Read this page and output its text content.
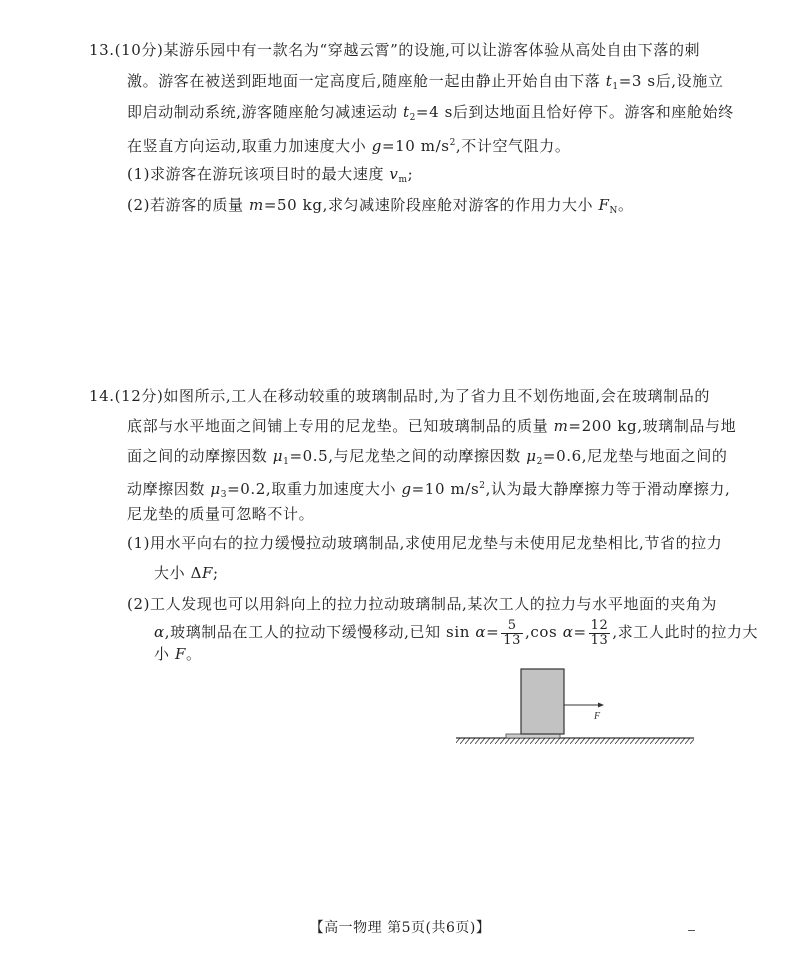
13.(10分)某游乐园中有一款名为“穿越云霄”的设施,可以让游客体验从高处自由下落的刺
激。游客在被送到距地面一定高度后,随座舱一起由静止开始自由下落 $t_1=3$ s后,设施立
即启动制动系统,游客随座舱匀减速运动 $t_2=4$ s后到达地面且恰好停下。游客和座舱始终
在竖直方向运动,取重力加速度大小 g=10 $m/s^2$,不计空气阻力。
(1)求游客在游玩该项目时的最大速度 $v_m$;
(2)若游客的质量 m=50 kg,求匀减速阶段座舱对游客的作用力大小 $F_N$。
14.(12分)如图所示,工人在移动较重的玻璃制品时,为了省力且不划伤地面,会在玻璃制品的
底部与水平地面之间铺上专用的尼龙垫。已知玻璃制品的质量 m=200 kg,玻璃制品与地
面之间的动摩擦因数 $\mu_1=0.5$,与尼龙垫之间的动摩擦因数 $\mu_2=0.6$,尼龙垫与地面之间的
动摩擦因数 $\mu_3=0.2$,取重力加速度大小 g=10 $m/s^2$,认为最大静摩擦力等于滑动摩擦力,
尼龙垫的质量可忽略不计。
(1)用水平向右的拉力缓慢拉动玻璃制品,求使用尼龙垫与未使用尼龙垫相比,节省的拉力
大小 ΔF;
(2)工人发现也可以用斜向上的拉力拉动玻璃制品,某次工人的拉力与水平地面的夹角为
α,玻璃制品在工人的拉动下缓慢移动,已知 $\sin \alpha= \frac{5}{13} ,\cos$ $\alpha= \frac{12}{13}$ ,求工人此时的拉力大
小 F。
F
【高一物理 第5页(共6页)】
